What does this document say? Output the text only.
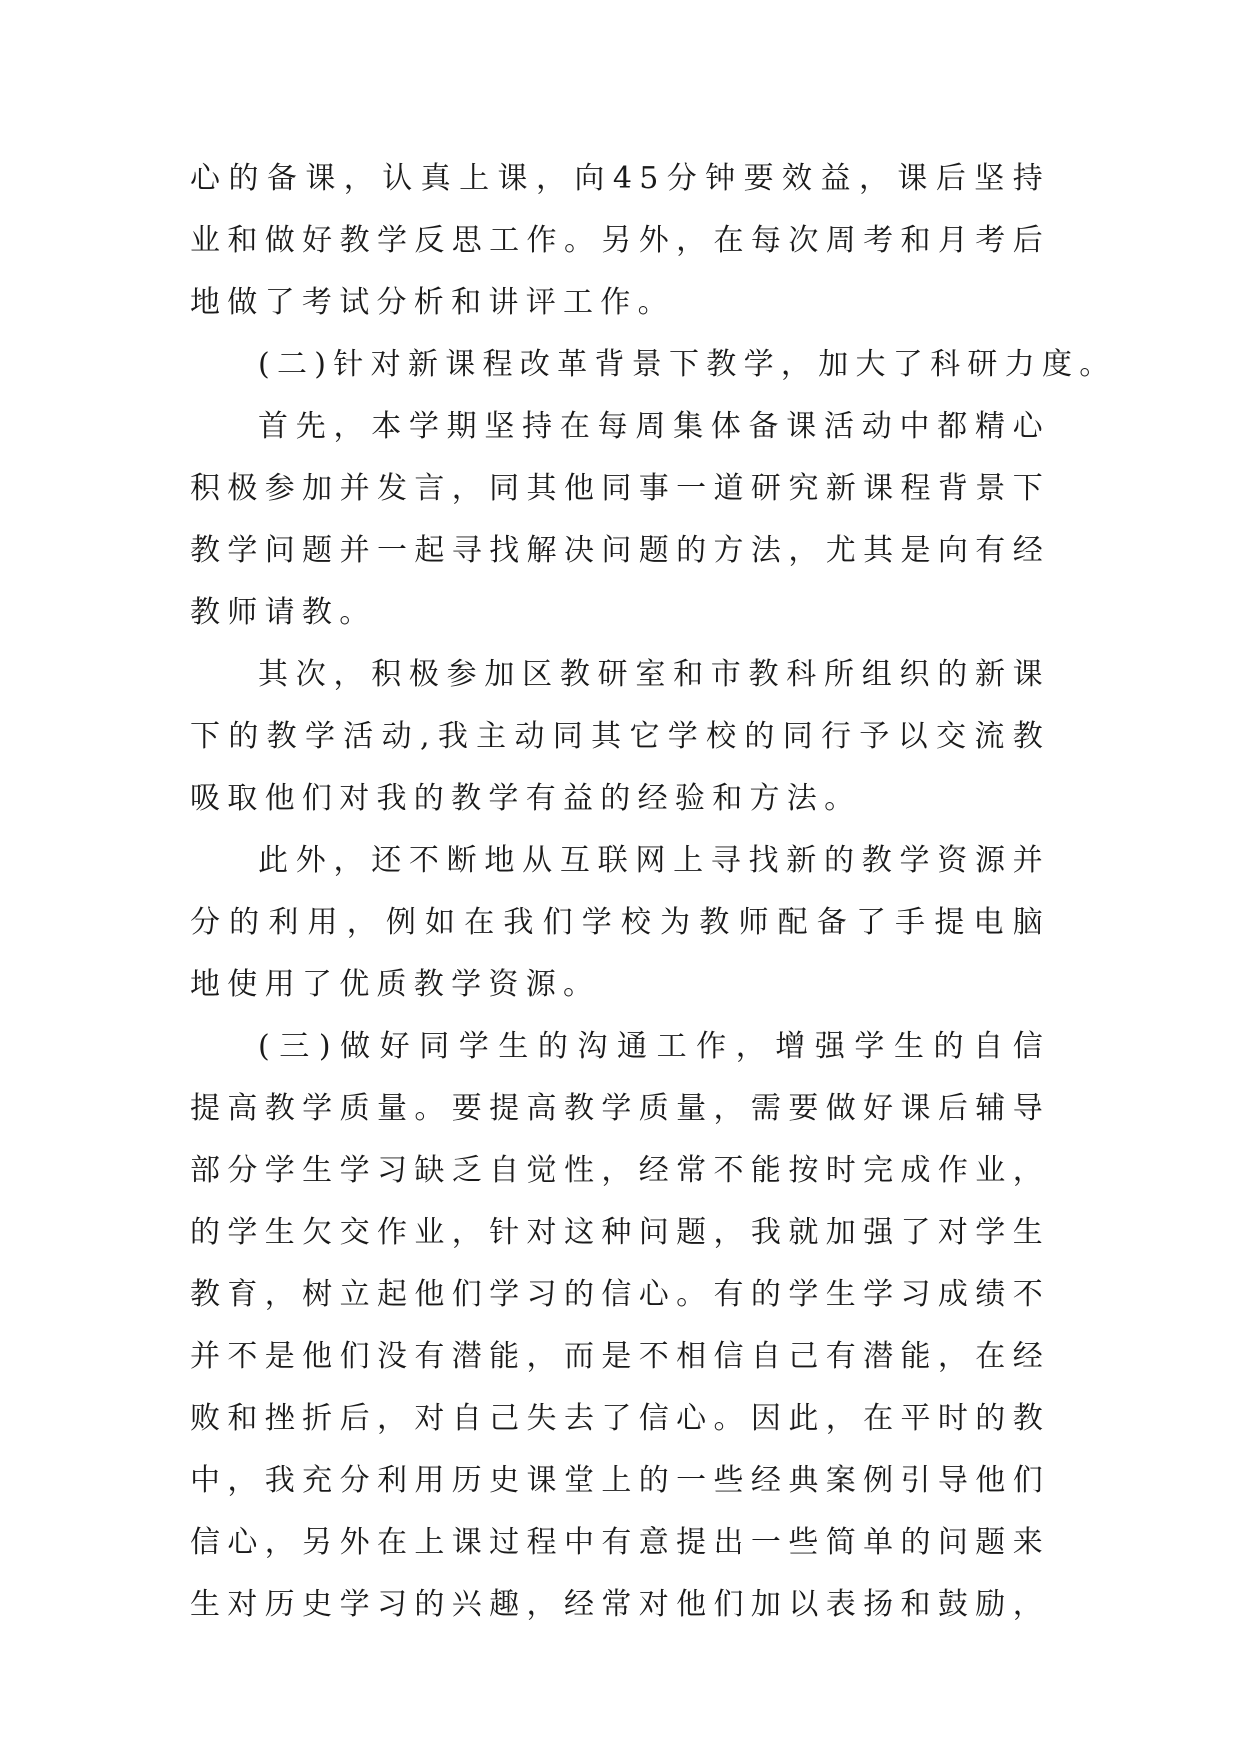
心的备课，认真上课，向45分钟要效益，课后坚持
业和做好教学反思工作。另外，在每次周考和月考后
地做了考试分析和讲评工作。
(二)针对新课程改革背景下教学，加大了科研力度。
首先，本学期坚持在每周集体备课活动中都精心
积极参加并发言，同其他同事一道研究新课程背景下
教学问题并一起寻找解决问题的方法，尤其是向有经
教师请教。
其次，积极参加区教研室和市教科所组织的新课
下的教学活动,我主动同其它学校的同行予以交流教
吸取他们对我的教学有益的经验和方法。
此外，还不断地从互联网上寻找新的教学资源并
分的利用，例如在我们学校为教师配备了手提电脑
地使用了优质教学资源。
(三)做好同学生的沟通工作，增强学生的自信
提高教学质量。要提高教学质量，需要做好课后辅导
部分学生学习缺乏自觉性，经常不能按时完成作业，
的学生欠交作业，针对这种问题，我就加强了对学生
教育，树立起他们学习的信心。有的学生学习成绩不
并不是他们没有潜能，而是不相信自己有潜能，在经
败和挫折后，对自己失去了信心。因此，在平时的教
中，我充分利用历史课堂上的一些经典案例引导他们
信心，另外在上课过程中有意提出一些简单的问题来
生对历史学习的兴趣，经常对他们加以表扬和鼓励，
